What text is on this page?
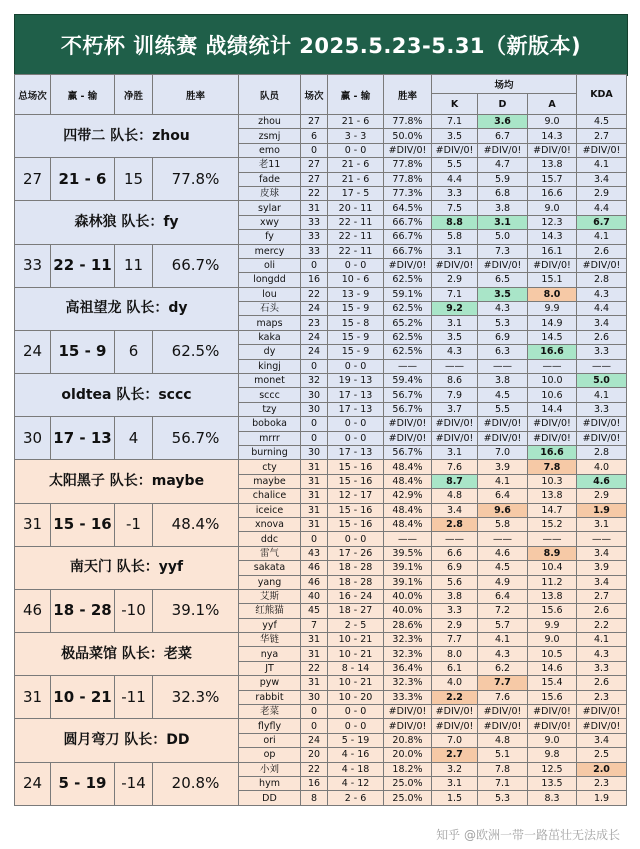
不朽杯 训练赛 战绩统计 2025.5.23-5.31（新版本)
总场次	赢 - 输	净胜	胜率	队员	场次	赢 - 输	胜率	场均			KDA
								K	D	A	
四带二 队长：zhou				zhou	27	21 - 6	77.8%	7.1	3.6	9.0	4.5
				zsmj	6	3 - 3	50.0%	3.5	6.7	14.3	2.7
				emo	0	0 - 0	#DIV/0!	#DIV/0!	#DIV/0!	#DIV/0!	#DIV/0!
27	21 - 6	15	77.8%	老11	27	21 - 6	77.8%	5.5	4.7	13.8	4.1
				fade	27	21 - 6	77.8%	4.4	5.9	15.7	3.4
				皮球	22	17 - 5	77.3%	3.3	6.8	16.6	2.9
森林狼 队长：fy				sylar	31	20 - 11	64.5%	7.5	3.8	9.0	4.4
				xwy	33	22 - 11	66.7%	8.8	3.1	12.3	6.7
				fy	33	22 - 11	66.7%	5.8	5.0	14.3	4.1
33	22 - 11	11	66.7%	mercy	33	22 - 11	66.7%	3.1	7.3	16.1	2.6
				oli	0	0 - 0	#DIV/0!	#DIV/0!	#DIV/0!	#DIV/0!	#DIV/0!
				longdd	16	10 - 6	62.5%	2.9	6.5	15.1	2.8
高祖望龙 队长：dy				lou	22	13 - 9	59.1%	7.1	3.5	8.0	4.3
				石头	24	15 - 9	62.5%	9.2	4.3	9.9	4.4
				maps	23	15 - 8	65.2%	3.1	5.3	14.9	3.4
24	15 - 9	6	62.5%	kaka	24	15 - 9	62.5%	3.5	6.9	14.5	2.6
				dy	24	15 - 9	62.5%	4.3	6.3	16.6	3.3
				kingj	0	0 - 0	——	——	——	——	——
oldtea 队长：sccc				monet	32	19 - 13	59.4%	8.6	3.8	10.0	5.0
				sccc	30	17 - 13	56.7%	7.9	4.5	10.6	4.1
				tzy	30	17 - 13	56.7%	3.7	5.5	14.4	3.3
30	17 - 13	4	56.7%	boboka	0	0 - 0	#DIV/0!	#DIV/0!	#DIV/0!	#DIV/0!	#DIV/0!
				mrrr	0	0 - 0	#DIV/0!	#DIV/0!	#DIV/0!	#DIV/0!	#DIV/0!
				burning	30	17 - 13	56.7%	3.1	7.0	16.6	2.8
太阳黑子 队长：maybe				cty	31	15 - 16	48.4%	7.6	3.9	7.8	4.0
				maybe	31	15 - 16	48.4%	8.7	4.1	10.3	4.6
				chalice	31	12 - 17	42.9%	4.8	6.4	13.8	2.9
31	15 - 16	-1	48.4%	iceice	31	15 - 16	48.4%	3.4	9.6	14.7	1.9
				xnova	31	15 - 16	48.4%	2.8	5.8	15.2	3.1
				ddc	0	0 - 0	——	——	——	——	——
南天门 队长：yyf				雷气	43	17 - 26	39.5%	6.6	4.6	8.9	3.4
				sakata	46	18 - 28	39.1%	6.9	4.5	10.4	3.9
				yang	46	18 - 28	39.1%	5.6	4.9	11.2	3.4
46	18 - 28	-10	39.1%	艾斯	40	16 - 24	40.0%	3.8	6.4	13.8	2.7
				红熊猫	45	18 - 27	40.0%	3.3	7.2	15.6	2.6
				yyf	7	2 - 5	28.6%	2.9	5.7	9.9	2.2
极品菜馆 队长：老菜				华链	31	10 - 21	32.3%	7.7	4.1	9.0	4.1
				nya	31	10 - 21	32.3%	8.0	4.3	10.5	4.3
				JT	22	8 - 14	36.4%	6.1	6.2	14.6	3.3
31	10 - 21	-11	32.3%	pyw	31	10 - 21	32.3%	4.0	7.7	15.4	2.6
				rabbit	30	10 - 20	33.3%	2.2	7.6	15.6	2.3
				老菜	0	0 - 0	#DIV/0!	#DIV/0!	#DIV/0!	#DIV/0!	#DIV/0!
圆月弯刀 队长：DD				flyfly	0	0 - 0	#DIV/0!	#DIV/0!	#DIV/0!	#DIV/0!	#DIV/0!
				ori	24	5 - 19	20.8%	7.0	4.8	9.0	3.4
				op	20	4 - 16	20.0%	2.7	5.1	9.8	2.5
24	5 - 19	-14	20.8%	小刘	22	4 - 18	18.2%	3.2	7.8	12.5	2.0
				hym	16	4 - 12	25.0%	3.1	7.1	13.5	2.3
				DD	8	2 - 6	25.0%	1.5	5.3	8.3	1.9
知乎 @欧洲一带一路茁壮无法成长
